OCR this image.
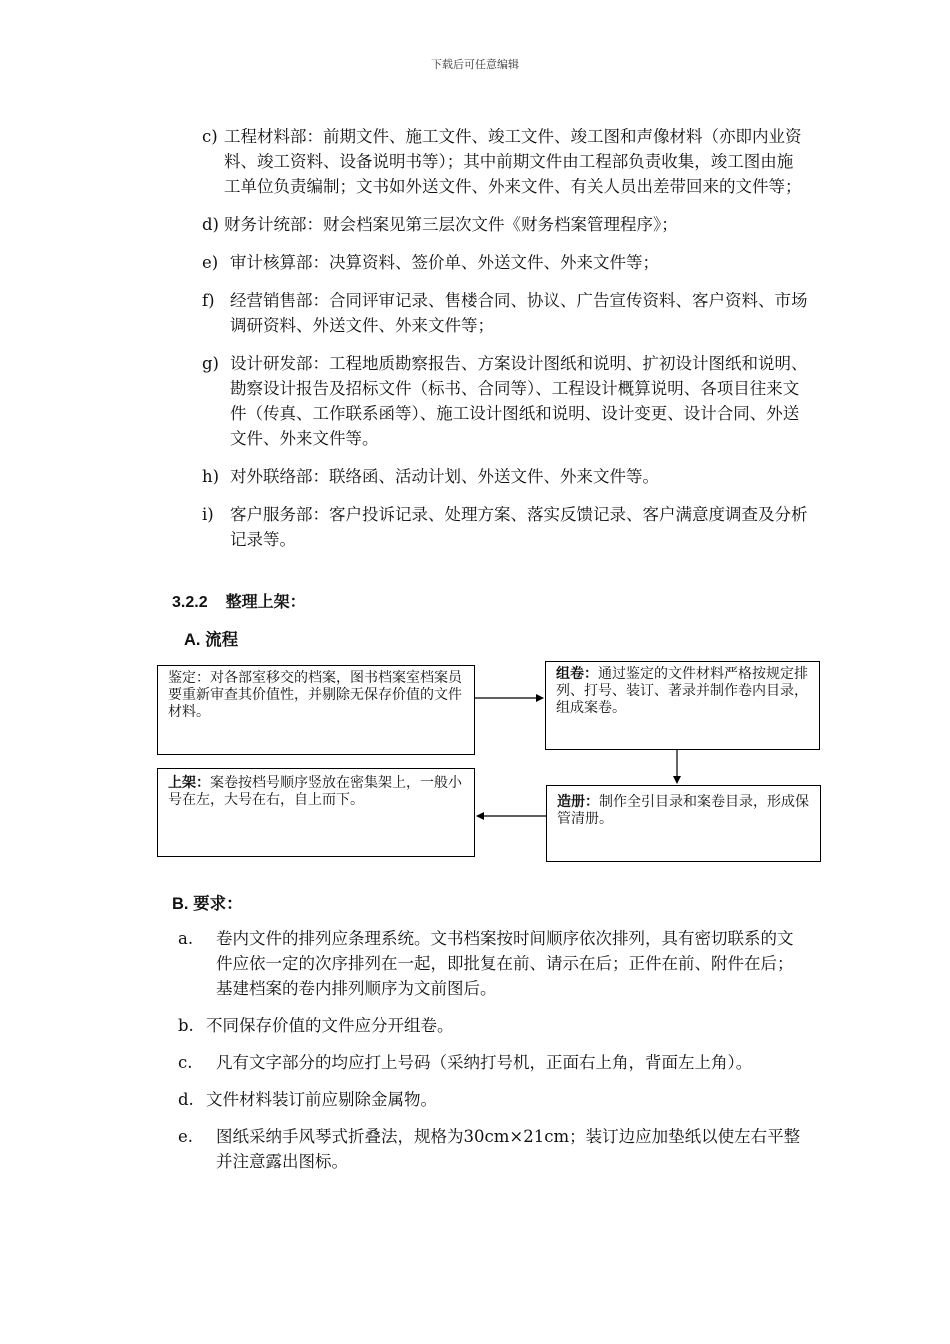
下载后可任意编辑
c) 工程材料部：前期文件、施工文件、竣工文件、竣工图和声像材料（亦即内业资料、竣工资料、设备说明书等）；其中前期文件由工程部负责收集，竣工图由施工单位负责编制；文书如外送文件、外来文件、有关人员出差带回来的文件等；
d) 财务计统部：财会档案见第三层次文件《财务档案管理程序》；
e) 审计核算部：决算资料、签价单、外送文件、外来文件等；
f) 经营销售部：合同评审记录、售楼合同、协议、广告宣传资料、客户资料、市场调研资料、外送文件、外来文件等；
g) 设计研发部：工程地质勘察报告、方案设计图纸和说明、扩初设计图纸和说明、勘察设计报告及招标文件（标书、合同等）、工程设计概算说明、各项目往来文件（传真、工作联系函等）、施工设计图纸和说明、设计变更、设计合同、外送文件、外来文件等。
h) 对外联络部：联络函、活动计划、外送文件、外来文件等。
i) 客户服务部：客户投诉记录、处理方案、落实反馈记录、客户满意度调查及分析记录等。
3.2.2 整理上架：
A. 流程
鉴定：对各部室移交的档案，图书档案室档案员要重新审查其价值性，并剔除无保存价值的文件材料。
组卷：通过鉴定的文件材料严格按规定排列、打号、装订、著录并制作卷内目录，组成案卷。
造册：制作全引目录和案卷目录，形成保管清册。
上架：案卷按档号顺序竖放在密集架上，一般小号在左，大号在右，自上而下。
B. 要求：
a. 卷内文件的排列应条理系统。文书档案按时间顺序依次排列，具有密切联系的文件应依一定的次序排列在一起，即批复在前、请示在后；正件在前、附件在后；基建档案的卷内排列顺序为文前图后。
b. 不同保存价值的文件应分开组卷。
c. 凡有文字部分的均应打上号码（采纳打号机，正面右上角，背面左上角）。
d. 文件材料装订前应剔除金属物。
e. 图纸采纳手风琴式折叠法，规格为30cm×21cm；装订边应加垫纸以使左右平整并注意露出图标。
